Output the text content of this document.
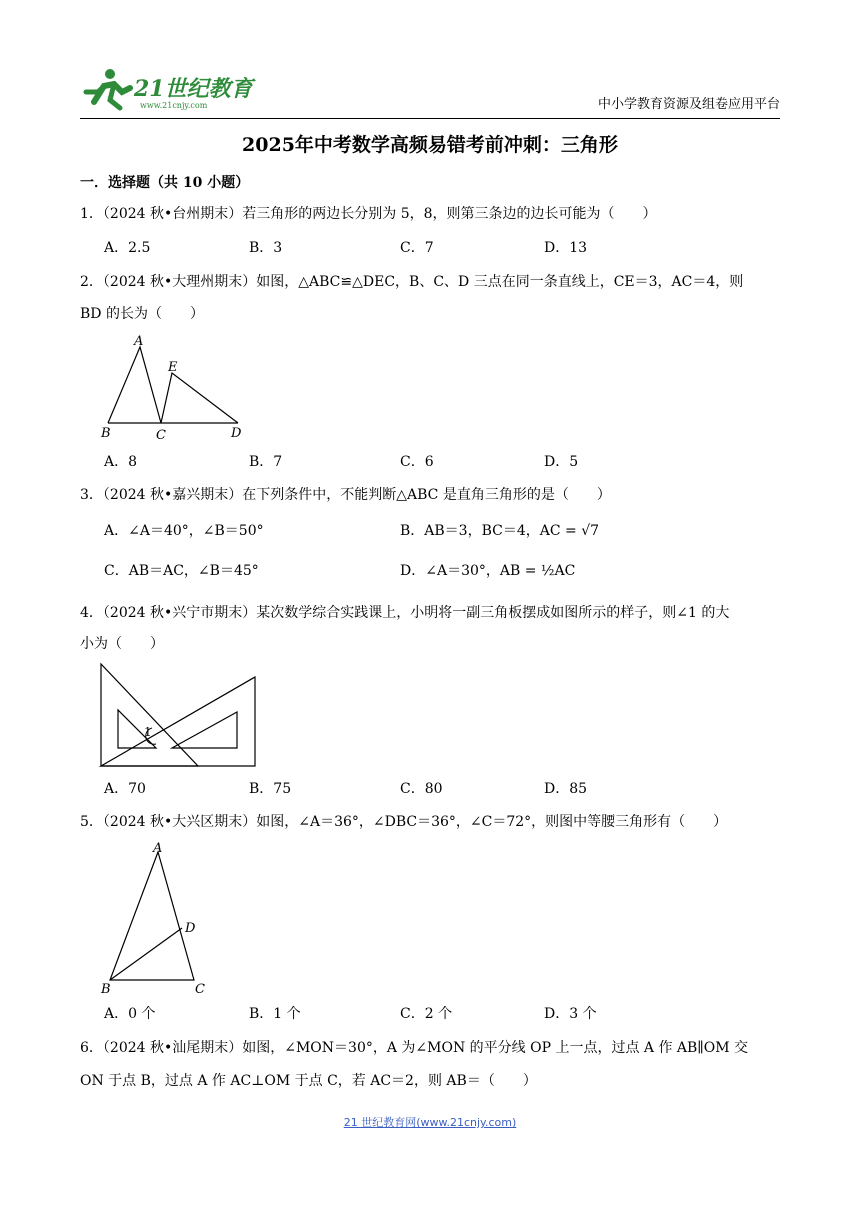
21世纪教育
www.21cnjy.com	中小学教育资源及组卷应用平台
2025年中考数学高频易错考前冲刺：三角形
一．选择题（共 10 小题）
1．（2024 秋•台州期末）若三角形的两边长分别为 5，8，则第三条边的边长可能为（　　）
A．2.5	B．3	C．7	D．13
2．（2024 秋•大理州期末）如图，△ABC≌△DEC，B、C、D 三点在同一条直线上，CE＝3，AC＝4，则
BD 的长为（　　）
A
E
B	C	D
A．8	B．7	C．6	D．5
3．（2024 秋•嘉兴期末）在下列条件中，不能判断△ABC 是直角三角形的是（　　）
A．∠A＝40°，∠B＝50°	B．AB＝3，BC＝4，AC = √7
C．AB＝AC，∠B＝45°	D．∠A＝30°，AB = ½AC
4．（2024 秋•兴宁市期末）某次数学综合实践课上，小明将一副三角板摆成如图所示的样子，则∠1 的大
小为（　　）
1
A．70	B．75	C．80	D．85
5．（2024 秋•大兴区期末）如图，∠A＝36°，∠DBC＝36°，∠C＝72°，则图中等腰三角形有（　　）
A
D
B	C
A．0 个	B．1 个	C．2 个	D．3 个
6．（2024 秋•汕尾期末）如图，∠MON＝30°，A 为∠MON 的平分线 OP 上一点，过点 A 作 AB∥OM 交
ON 于点 B，过点 A 作 AC⊥OM 于点 C，若 AC＝2，则 AB＝（　　）
21 世纪教育网(www.21cnjy.com)
